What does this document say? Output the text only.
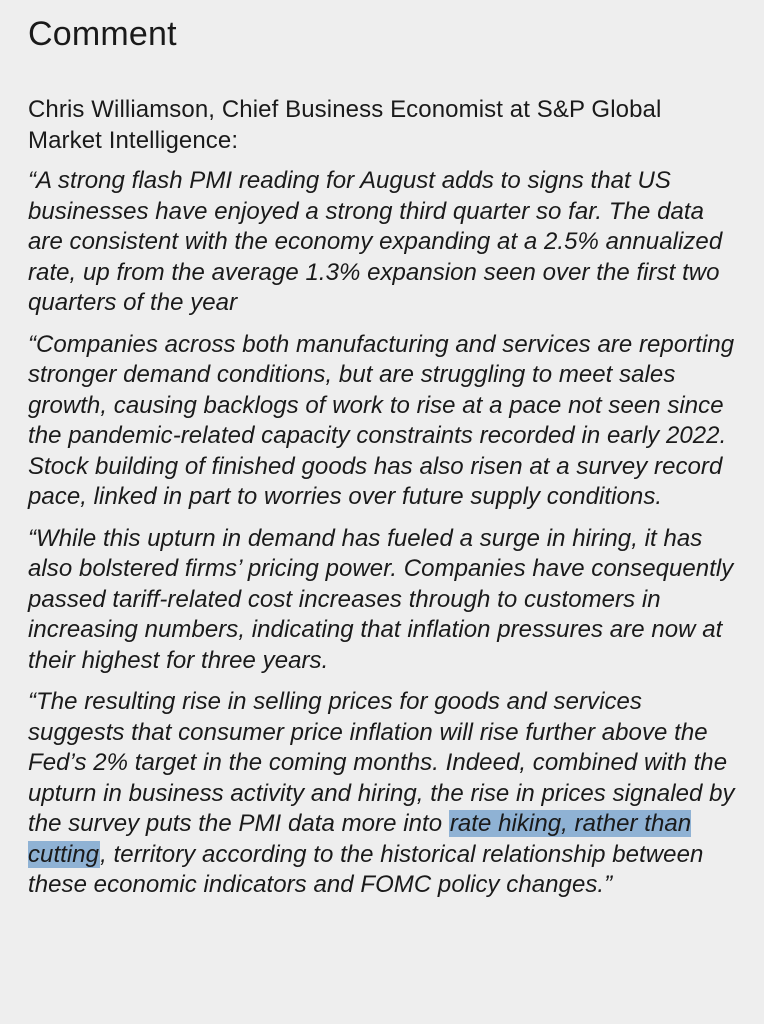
Comment

Chris Williamson, Chief Business Economist at S&P Global Market Intelligence:

“A strong flash PMI reading for August adds to signs that US businesses have enjoyed a strong third quarter so far. The data are consistent with the economy expanding at a 2.5% annualized rate, up from the average 1.3% expansion seen over the first two quarters of the year

“Companies across both manufacturing and services are reporting stronger demand conditions, but are struggling to meet sales growth, causing backlogs of work to rise at a pace not seen since the pandemic-related capacity constraints recorded in early 2022. Stock building of finished goods has also risen at a survey record pace, linked in part to worries over future supply conditions.

“While this upturn in demand has fueled a surge in hiring, it has also bolstered firms’ pricing power. Companies have consequently passed tariff-related cost increases through to customers in increasing numbers, indicating that inflation pressures are now at their highest for three years.

“The resulting rise in selling prices for goods and services suggests that consumer price inflation will rise further above the Fed’s 2% target in the coming months. Indeed, combined with the upturn in business activity and hiring, the rise in prices signaled by the survey puts the PMI data more into rate hiking, rather than cutting, territory according to the historical relationship between these economic indicators and FOMC policy changes.”
